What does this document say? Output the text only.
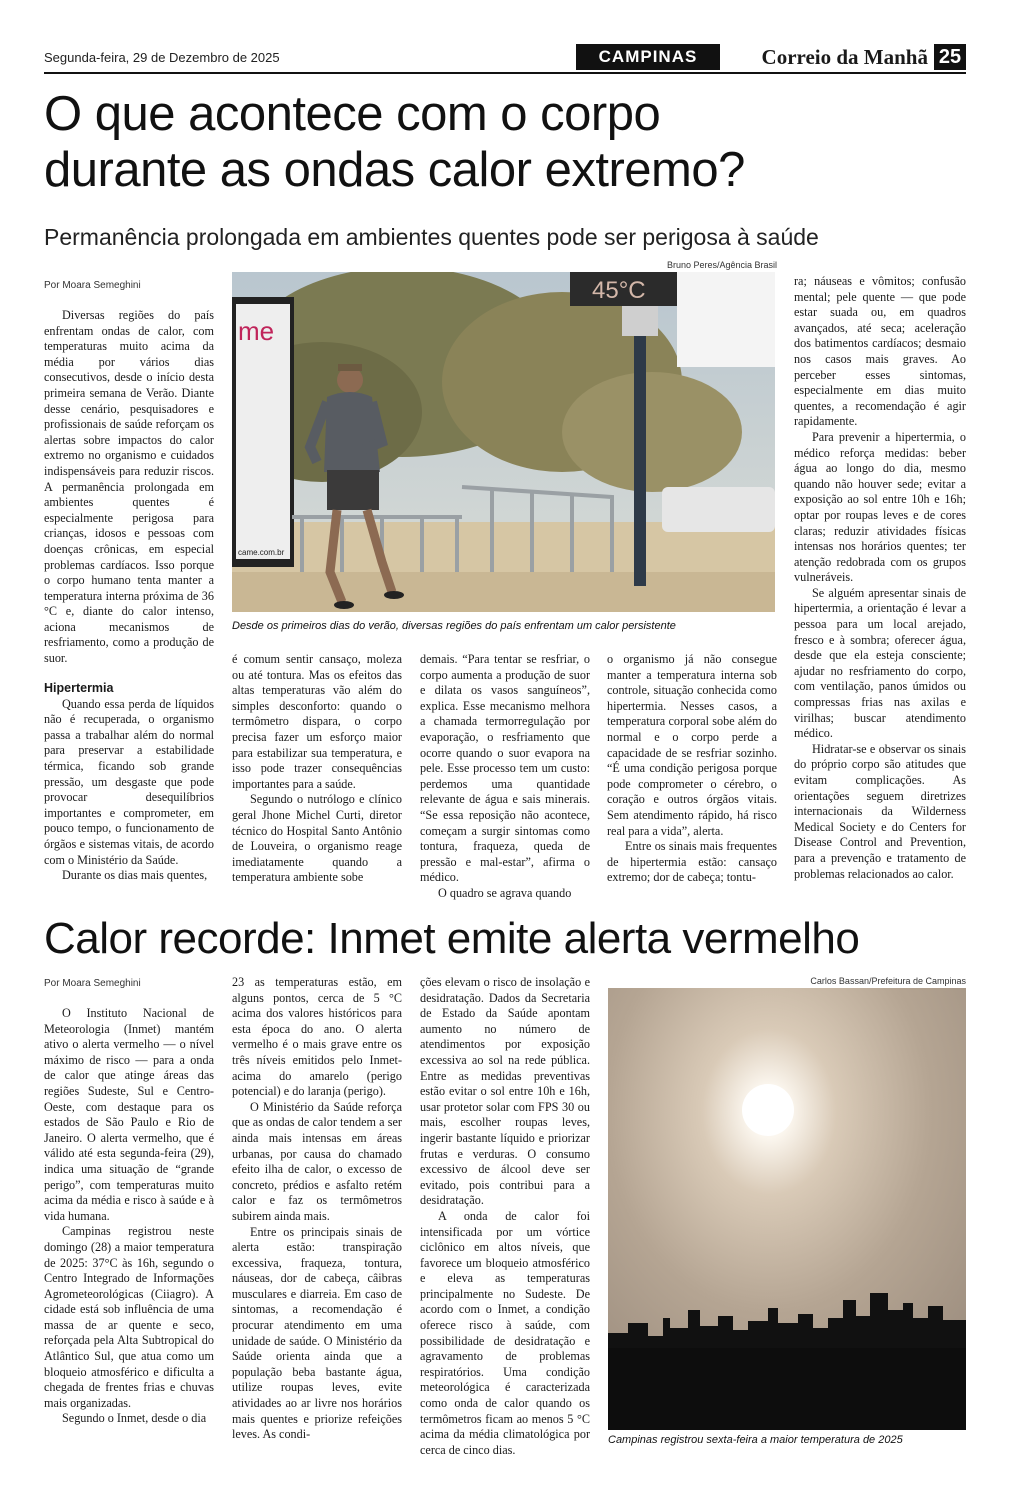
Segunda-feira, 29 de Dezembro de 2025	CAMPINAS	Correio da Manhã 25
O que acontece com o corpo
durante as ondas calor extremo?
Permanência prolongada em ambientes quentes pode ser perigosa à saúde
Por Moara Semeghini
Bruno Peres/Agência Brasil

Diversas regiões do país enfrentam ondas de calor, com temperaturas muito acima da média por vários dias consecutivos, desde o início desta primeira semana de Verão. Diante desse cenário, pesquisadores e profissionais de saúde reforçam os alertas sobre impactos do calor extremo no organismo e cuidados indispensáveis para reduzir riscos. A permanência prolongada em ambientes quentes é especialmente perigosa para crianças, idosos e pessoas com doenças crônicas, em especial problemas cardíacos. Isso porque o corpo humano tenta manter a temperatura interna próxima de 36 °C e, diante do calor intenso, aciona mecanismos de resfriamento, como a produção de suor.

Hipertermia

Quando essa perda de líquidos não é recuperada, o organismo passa a trabalhar além do normal para preservar a estabilidade térmica, ficando sob grande pressão, um desgaste que pode provocar desequilíbrios importantes e comprometer, em pouco tempo, o funcionamento de órgãos e sistemas vitais, de acordo com o Ministério da Saúde.

Durante os dias mais quentes,

me
came.com.br
45°C
Desde os primeiros dias do verão, diversas regiões do país enfrentam um calor persistente

é comum sentir cansaço, moleza ou até tontura. Mas os efeitos das altas temperaturas vão além do simples desconforto: quando o termômetro dispara, o corpo precisa fazer um esforço maior para estabilizar sua temperatura, e isso pode trazer consequências importantes para a saúde.

Segundo o nutrólogo e clínico geral Jhone Michel Curti, diretor técnico do Hospital Santo Antônio de Louveira, o organismo reage imediatamente quando a temperatura ambiente sobe

demais. “Para tentar se resfriar, o corpo aumenta a produção de suor e dilata os vasos sanguíneos”, explica. Esse mecanismo melhora a chamada termorregulação por evaporação, o resfriamento que ocorre quando o suor evapora na pele. Esse processo tem um custo: perdemos uma quantidade relevante de água e sais minerais. “Se essa reposição não acontece, começam a surgir sintomas como tontura, fraqueza, queda de pressão e mal-estar”, afirma o médico.

O quadro se agrava quando

o organismo já não consegue manter a temperatura interna sob controle, situação conhecida como hipertermia. Nesses casos, a temperatura corporal sobe além do normal e o corpo perde a capacidade de se resfriar sozinho. “É uma condição perigosa porque pode comprometer o cérebro, o coração e outros órgãos vitais. Sem atendimento rápido, há risco real para a vida”, alerta.

Entre os sinais mais frequentes de hipertermia estão: cansaço extremo; dor de cabeça; tontu-

ra; náuseas e vômitos; confusão mental; pele quente — que pode estar suada ou, em quadros avançados, até seca; aceleração dos batimentos cardíacos; desmaio nos casos mais graves. Ao perceber esses sintomas, especialmente em dias muito quentes, a recomendação é agir rapidamente.

Para prevenir a hipertermia, o médico reforça medidas: beber água ao longo do dia, mesmo quando não houver sede; evitar a exposição ao sol entre 10h e 16h; optar por roupas leves e de cores claras; reduzir atividades físicas intensas nos horários quentes; ter atenção redobrada com os grupos vulneráveis.

Se alguém apresentar sinais de hipertermia, a orientação é levar a pessoa para um local arejado, fresco e à sombra; oferecer água, desde que ela esteja consciente; ajudar no resfriamento do corpo, com ventilação, panos úmidos ou compressas frias nas axilas e virilhas; buscar atendimento médico.

Hidratar-se e observar os sinais do próprio corpo são atitudes que evitam complicações. As orientações seguem diretrizes internacionais da Wilderness Medical Society e do Centers for Disease Control and Prevention, para a prevenção e tratamento de problemas relacionados ao calor.

Calor recorde: Inmet emite alerta vermelho
Por Moara Semeghini

O Instituto Nacional de Meteorologia (Inmet) mantém ativo o alerta vermelho — o nível máximo de risco — para a onda de calor que atinge áreas das regiões Sudeste, Sul e Centro-Oeste, com destaque para os estados de São Paulo e Rio de Janeiro. O alerta vermelho, que é válido até esta segunda-feira (29), indica uma situação de “grande perigo”, com temperaturas muito acima da média e risco à saúde e à vida humana.

Campinas registrou neste domingo (28) a maior temperatura de 2025: 37°C às 16h, segundo o Centro Integrado de Informações Agrometeorológicas (Ciiagro). A cidade está sob influência de uma massa de ar quente e seco, reforçada pela Alta Subtropical do Atlântico Sul, que atua como um bloqueio atmosférico e dificulta a chegada de frentes frias e chuvas mais organizadas.

Segundo o Inmet, desde o dia

23 as temperaturas estão, em alguns pontos, cerca de 5 °C acima dos valores históricos para esta época do ano. O alerta vermelho é o mais grave entre os três níveis emitidos pelo Inmet- acima do amarelo (perigo potencial) e do laranja (perigo).

O Ministério da Saúde reforça que as ondas de calor tendem a ser ainda mais intensas em áreas urbanas, por causa do chamado efeito ilha de calor, o excesso de concreto, prédios e asfalto retém calor e faz os termômetros subirem ainda mais.

Entre os principais sinais de alerta estão: transpiração excessiva, fraqueza, tontura, náuseas, dor de cabeça, câibras musculares e diarreia. Em caso de sintomas, a recomendação é procurar atendimento em uma unidade de saúde. O Ministério da Saúde orienta ainda que a população beba bastante água, utilize roupas leves, evite atividades ao ar livre nos horários mais quentes e priorize refeições leves. As condi-

ções elevam o risco de insolação e desidratação. Dados da Secretaria de Estado da Saúde apontam aumento no número de atendimentos por exposição excessiva ao sol na rede pública. Entre as medidas preventivas estão evitar o sol entre 10h e 16h, usar protetor solar com FPS 30 ou mais, escolher roupas leves, ingerir bastante líquido e priorizar frutas e verduras. O consumo excessivo de álcool deve ser evitado, pois contribui para a desidratação.

A onda de calor foi intensificada por um vórtice ciclônico em altos níveis, que favorece um bloqueio atmosférico e eleva as temperaturas principalmente no Sudeste. De acordo com o Inmet, a condição oferece risco à saúde, com possibilidade de desidratação e agravamento de problemas respiratórios. Uma condição meteorológica é caracterizada como onda de calor quando os termômetros ficam ao menos 5 °C acima da média climatológica por cerca de cinco dias.

Carlos Bassan/Prefeitura de Campinas
Campinas registrou sexta-feira a maior temperatura de 2025
